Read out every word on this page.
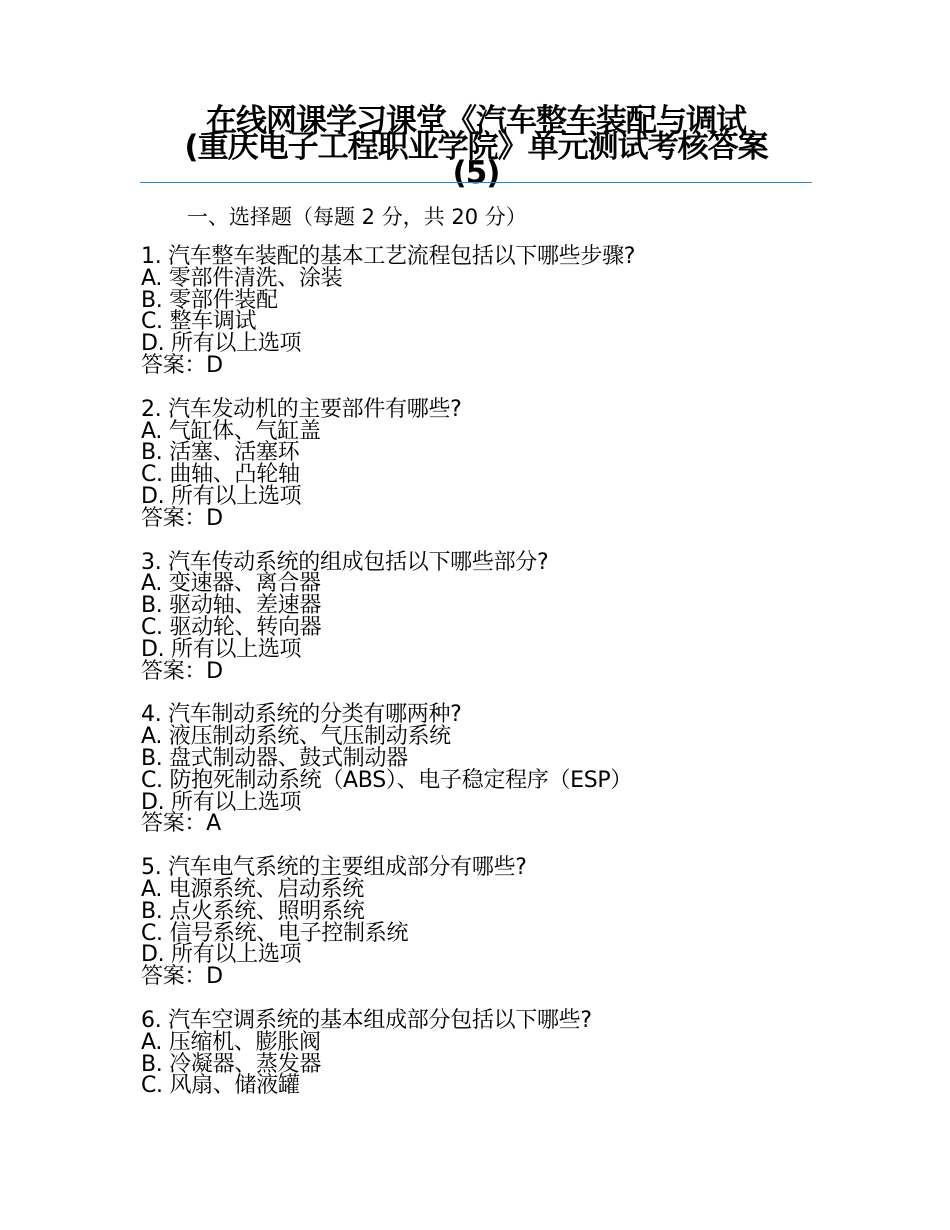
在线网课学习课堂《汽车整车装配与调试
(重庆电子工程职业学院》单元测试考核答案
(5)
一、选择题（每题 2 分，共 20 分）
1. 汽车整车装配的基本工艺流程包括以下哪些步骤?
A. 零部件清洗、涂装
B. 零部件装配
C. 整车调试
D. 所有以上选项
答案：D
2. 汽车发动机的主要部件有哪些?
A. 气缸体、气缸盖
B. 活塞、活塞环
C. 曲轴、凸轮轴
D. 所有以上选项
答案：D
3. 汽车传动系统的组成包括以下哪些部分?
A. 变速器、离合器
B. 驱动轴、差速器
C. 驱动轮、转向器
D. 所有以上选项
答案：D
4. 汽车制动系统的分类有哪两种?
A. 液压制动系统、气压制动系统
B. 盘式制动器、鼓式制动器
C. 防抱死制动系统（ABS）、电子稳定程序（ESP）
D. 所有以上选项
答案：A
5. 汽车电气系统的主要组成部分有哪些?
A. 电源系统、启动系统
B. 点火系统、照明系统
C. 信号系统、电子控制系统
D. 所有以上选项
答案：D
6. 汽车空调系统的基本组成部分包括以下哪些?
A. 压缩机、膨胀阀
B. 冷凝器、蒸发器
C. 风扇、储液罐
